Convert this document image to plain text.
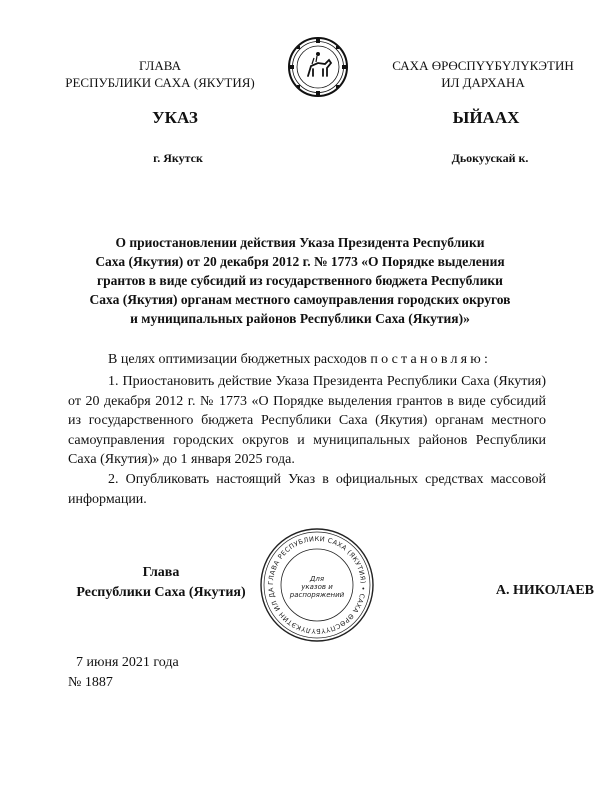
ГЛАВА
РЕСПУБЛИКИ САХА (ЯКУТИЯ)
САХА ӨРӨСПҮҮБҮЛҮКЭТИН
ИЛ ДАРХАНА
УКАЗ	ЫЙААХ
г. Якутск	Дьокуускай к.
О приостановлении действия Указа Президента Республики
Саха (Якутия) от 20 декабря 2012 г. № 1773 «О Порядке выделения
грантов в виде субсидий из государственного бюджета Республики
Саха (Якутия) органам местного самоуправления городских округов
и муниципальных районов Республики Саха (Якутия)»
В целях оптимизации бюджетных расходов постановляю:
1. Приостановить действие Указа Президента Республики Саха (Якутия) от 20 декабря 2012 г. № 1773 «О Порядке выделения грантов в виде субсидий из государственного бюджета Республики Саха (Якутия) органам местного самоуправления городских округов и муниципальных районов Республики Саха (Якутия)» до 1 января 2025 года.
2. Опубликовать настоящий Указ в официальных средствах массовой информации.
Глава
Республики Саха (Якутия)
ГЛАВА РЕСПУБЛИКИ САХА (ЯКУТИЯ) • САХА ӨРӨСПҮҮБҮЛҮКЭТИН ИЛ ДА
Для
указов и
распоряжений	А. НИКОЛАЕВ
7 июня 2021 года
№ 1887
